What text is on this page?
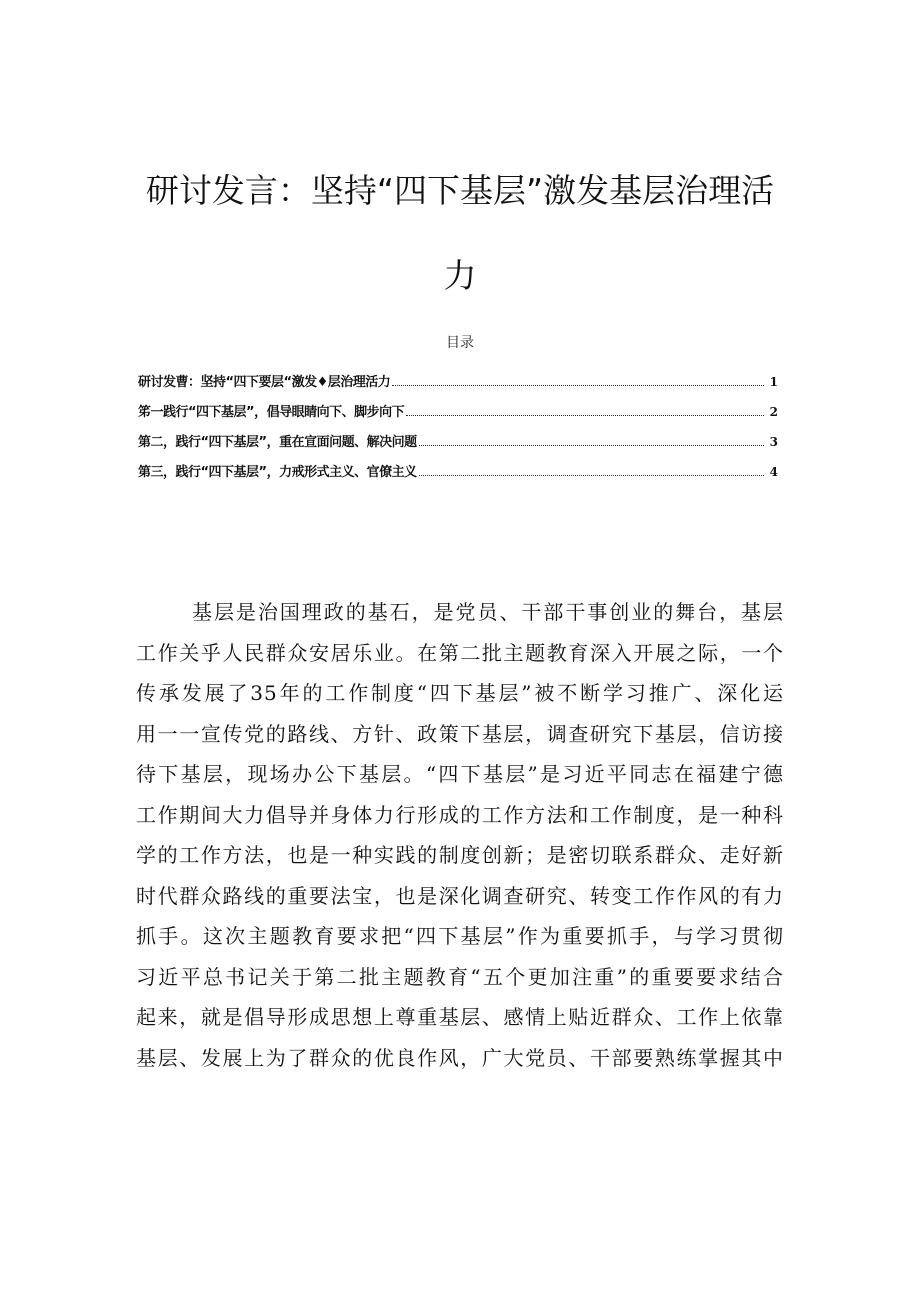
研讨发言：坚持“四下基层”激发基层治理活
力
目录
研讨发曹：坚持“四下要层“激发♦层治理活力	1
笫一践行“四下基层”，倡导眼睛向下、脚步向下	2
第二，践行“四下基层”，重在宣面问题、解决问题	3
第三，践行“四下基层”，力戒形式主义、官僚主义	4
基层是治国理政的基石，是党员、干部干事创业的舞台，基层
工作关乎人民群众安居乐业。在第二批主题教育深入开展之际，一个
传承发展了35年的工作制度“四下基层”被不断学习推广、深化运
用一一宣传党的路线、方针、政策下基层，调查研究下基层，信访接
待下基层，现场办公下基层。“四下基层”是习近平同志在福建宁德
工作期间大力倡导并身体力行形成的工作方法和工作制度，是一种科
学的工作方法，也是一种实践的制度创新；是密切联系群众、走好新
时代群众路线的重要法宝，也是深化调查研究、转变工作作风的有力
抓手。这次主题教育要求把“四下基层”作为重要抓手，与学习贯彻
习近平总书记关于第二批主题教育“五个更加注重”的重要要求结合
起来，就是倡导形成思想上尊重基层、感情上贴近群众、工作上依靠
基层、发展上为了群众的优良作风，广大党员、干部要熟练掌握其中
